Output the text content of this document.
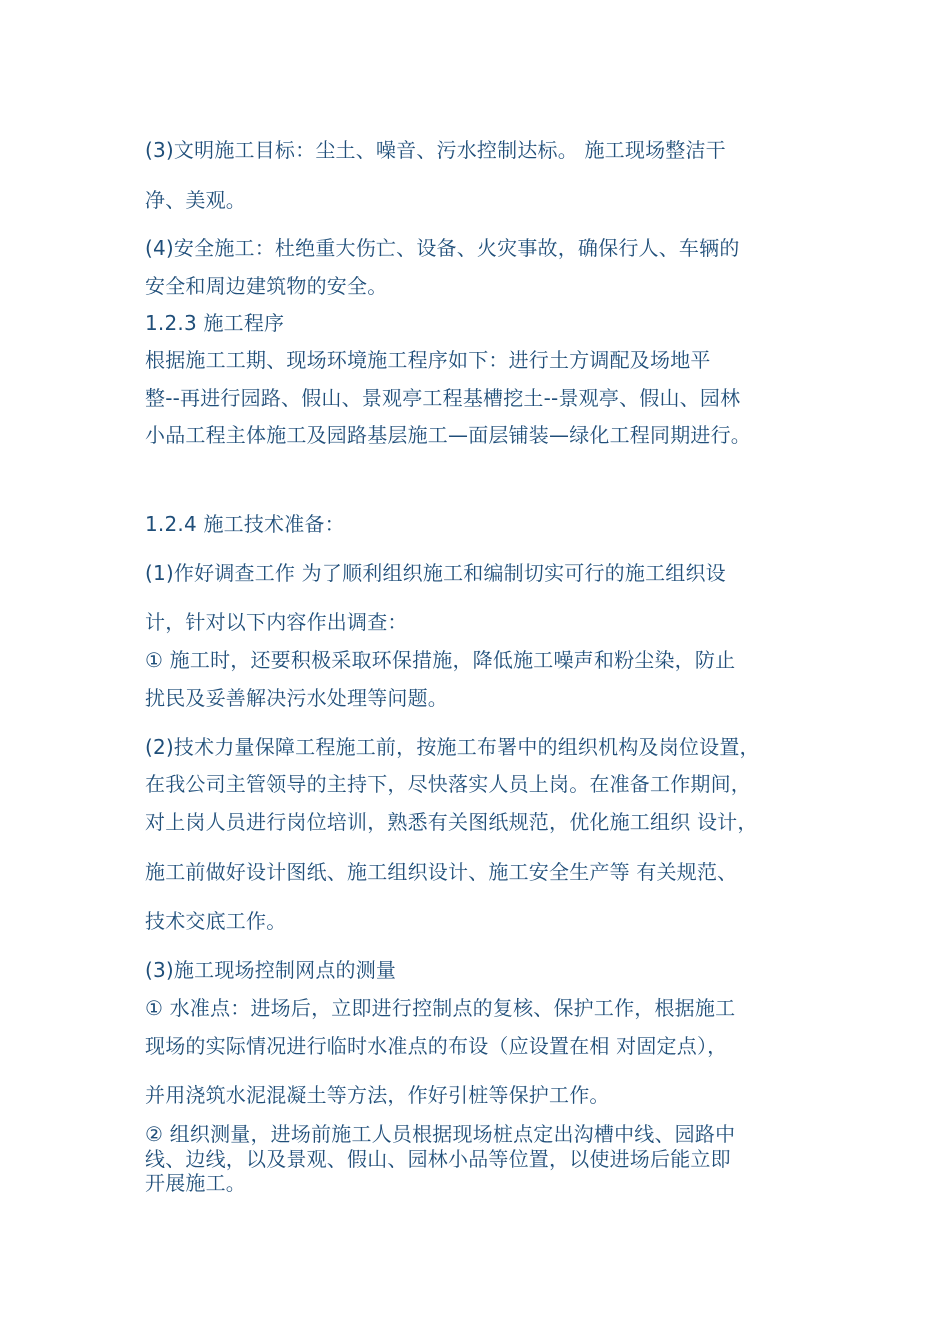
(3)文明施工目标：尘土、噪音、污水控制达标。 施工现场整洁干

净、美观。

(4)安全施工：杜绝重大伤亡、设备、火灾事故，确保行人、车辆的

安全和周边建筑物的安全。

1.2.3 施工程序

根据施工工期、现场环境施工程序如下：进行土方调配及场地平

整--再进行园路、假山、景观亭工程基槽挖土--景观亭、假山、园林

小品工程主体施工及园路基层施工—面层铺装—绿化工程同期进行。

1.2.4 施工技术准备：

(1)作好调查工作 为了顺利组织施工和编制切实可行的施工组织设

计，针对以下内容作出调查：

① 施工时，还要积极采取环保措施，降低施工噪声和粉尘染，防止

扰民及妥善解决污水处理等问题。

(2)技术力量保障工程施工前，按施工布署中的组织机构及岗位设置，

在我公司主管领导的主持下，尽快落实人员上岗。在准备工作期间，

对上岗人员进行岗位培训，熟悉有关图纸规范，优化施工组织 设计，

施工前做好设计图纸、施工组织设计、施工安全生产等 有关规范、

技术交底工作。

(3)施工现场控制网点的测量

① 水准点：进场后，立即进行控制点的复核、保护工作，根据施工

现场的实际情况进行临时水准点的布设（应设置在相 对固定点），

并用浇筑水泥混凝土等方法，作好引桩等保护工作。

② 组织测量，进场前施工人员根据现场桩点定出沟槽中线、园路中

线、边线，以及景观、假山、园林小品等位置，以使进场后能立即

开展施工。
